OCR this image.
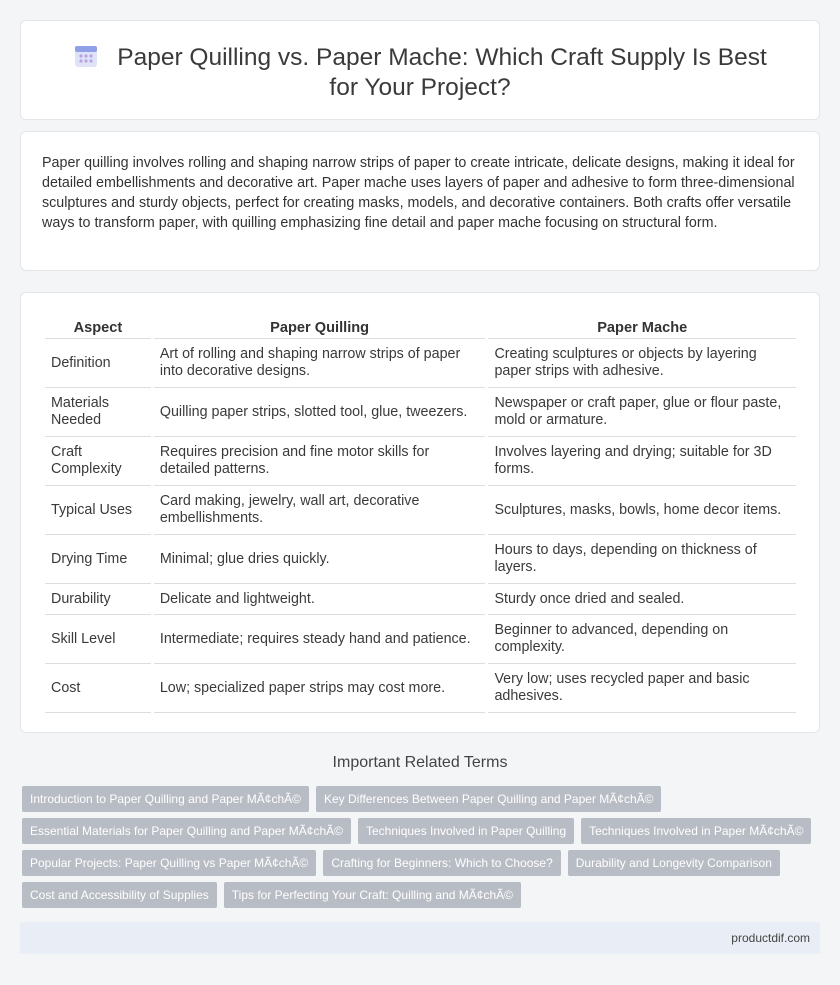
Paper Quilling vs. Paper Mache: Which Craft Supply Is Best for Your Project?

Paper quilling involves rolling and shaping narrow strips of paper to create intricate, delicate designs, making it ideal for detailed embellishments and decorative art. Paper mache uses layers of paper and adhesive to form three-dimensional sculptures and sturdy objects, perfect for creating masks, models, and decorative containers. Both crafts offer versatile ways to transform paper, with quilling emphasizing fine detail and paper mache focusing on structural form.

Aspect	Paper Quilling	Paper Mache
Definition	Art of rolling and shaping narrow strips of paper into decorative designs.	Creating sculptures or objects by layering paper strips with adhesive.
Materials Needed	Quilling paper strips, slotted tool, glue, tweezers.	Newspaper or craft paper, glue or flour paste, mold or armature.
Craft Complexity	Requires precision and fine motor skills for detailed patterns.	Involves layering and drying; suitable for 3D forms.
Typical Uses	Card making, jewelry, wall art, decorative embellishments.	Sculptures, masks, bowls, home decor items.
Drying Time	Minimal; glue dries quickly.	Hours to days, depending on thickness of layers.
Durability	Delicate and lightweight.	Sturdy once dried and sealed.
Skill Level	Intermediate; requires steady hand and patience.	Beginner to advanced, depending on complexity.
Cost	Low; specialized paper strips may cost more.	Very low; uses recycled paper and basic adhesives.
Important Related Terms
Introduction to Paper Quilling and Paper MÃ¢chÃ©	Key Differences Between Paper Quilling and Paper MÃ¢chÃ©
Essential Materials for Paper Quilling and Paper MÃ¢chÃ©	Techniques Involved in Paper Quilling	Techniques Involved in Paper MÃ¢chÃ©
Popular Projects: Paper Quilling vs Paper MÃ¢chÃ©	Crafting for Beginners: Which to Choose?	Durability and Longevity Comparison
Cost and Accessibility of Supplies	Tips for Perfecting Your Craft: Quilling and MÃ¢chÃ©
productdif.com
